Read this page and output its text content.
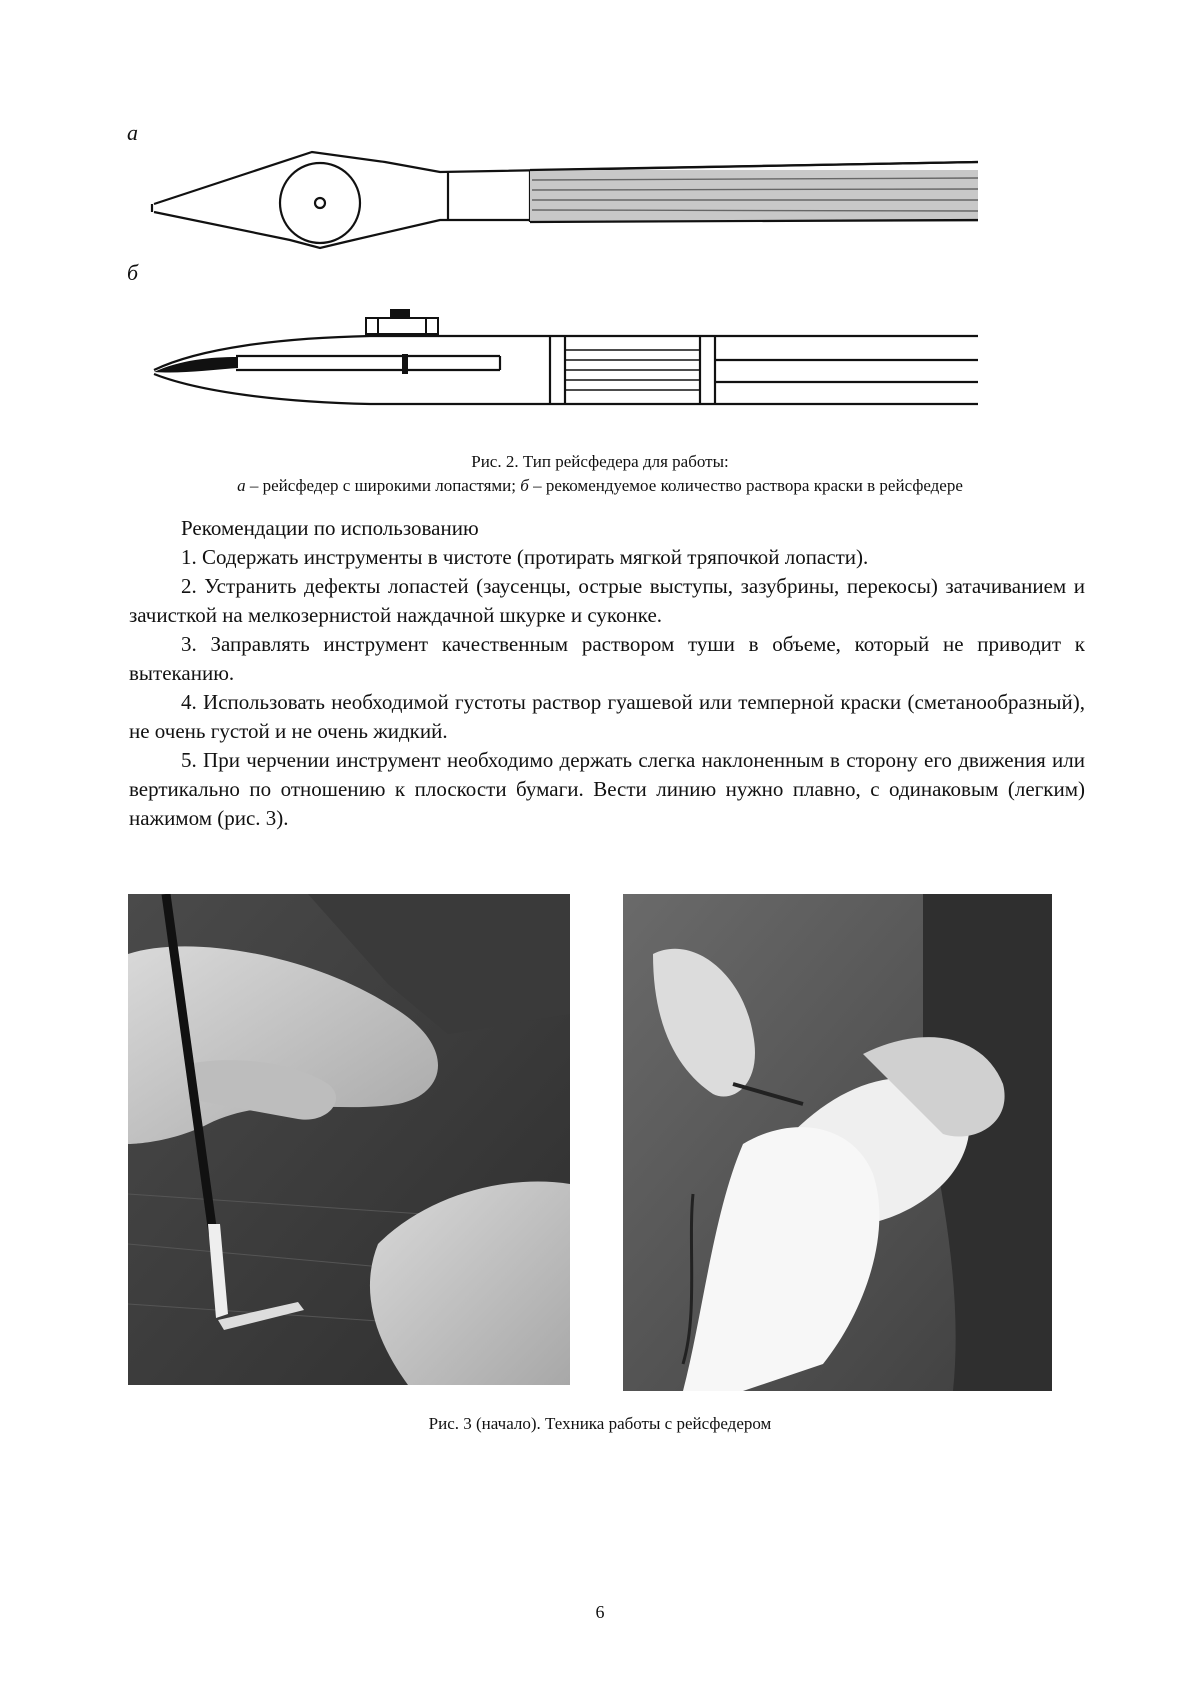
а
б
Рис. 2. Тип рейсфедера для работы:
а – рейсфедер с широкими лопастями; б – рекомендуемое количество раствора краски в рейсфедере

Рекомендации по использованию

1. Содержать инструменты в чистоте (протирать мягкой тряпочкой лопасти).

2. Устранить дефекты лопастей (заусенцы, острые выступы, зазубрины, перекосы) затачиванием и зачисткой на мелкозернистой наждачной шкурке и суконке.

3. Заправлять инструмент качественным раствором туши в объеме, который не приводит к вытеканию.

4. Использовать необходимой густоты раствор гуашевой или темперной краски (сметанообразный), не очень густой и не очень жидкий.

5. При черчении инструмент необходимо держать слегка наклоненным в сторону его движения или вертикально по отношению к плоскости бумаги. Вести линию нужно плавно, с одинаковым (легким) нажимом (рис. 3).

Рис. 3 (начало). Техника работы с рейсфедером
6
